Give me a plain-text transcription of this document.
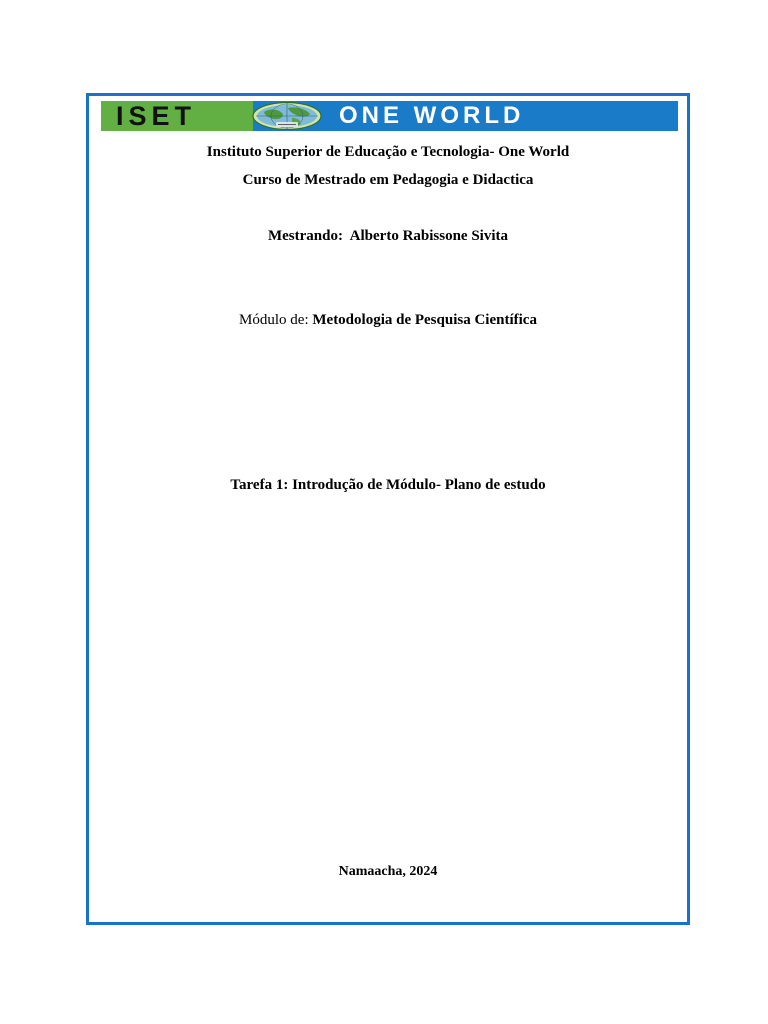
ISET	ONE WORLD
Instituto Superior de Educação e Tecnologia- One World
Curso de Mestrado em Pedagogia e Didactica
Mestrando: Alberto Rabissone Sivita
Módulo de: Metodologia de Pesquisa Científica
Tarefa 1: Introdução de Módulo- Plano de estudo
Namaacha, 2024
